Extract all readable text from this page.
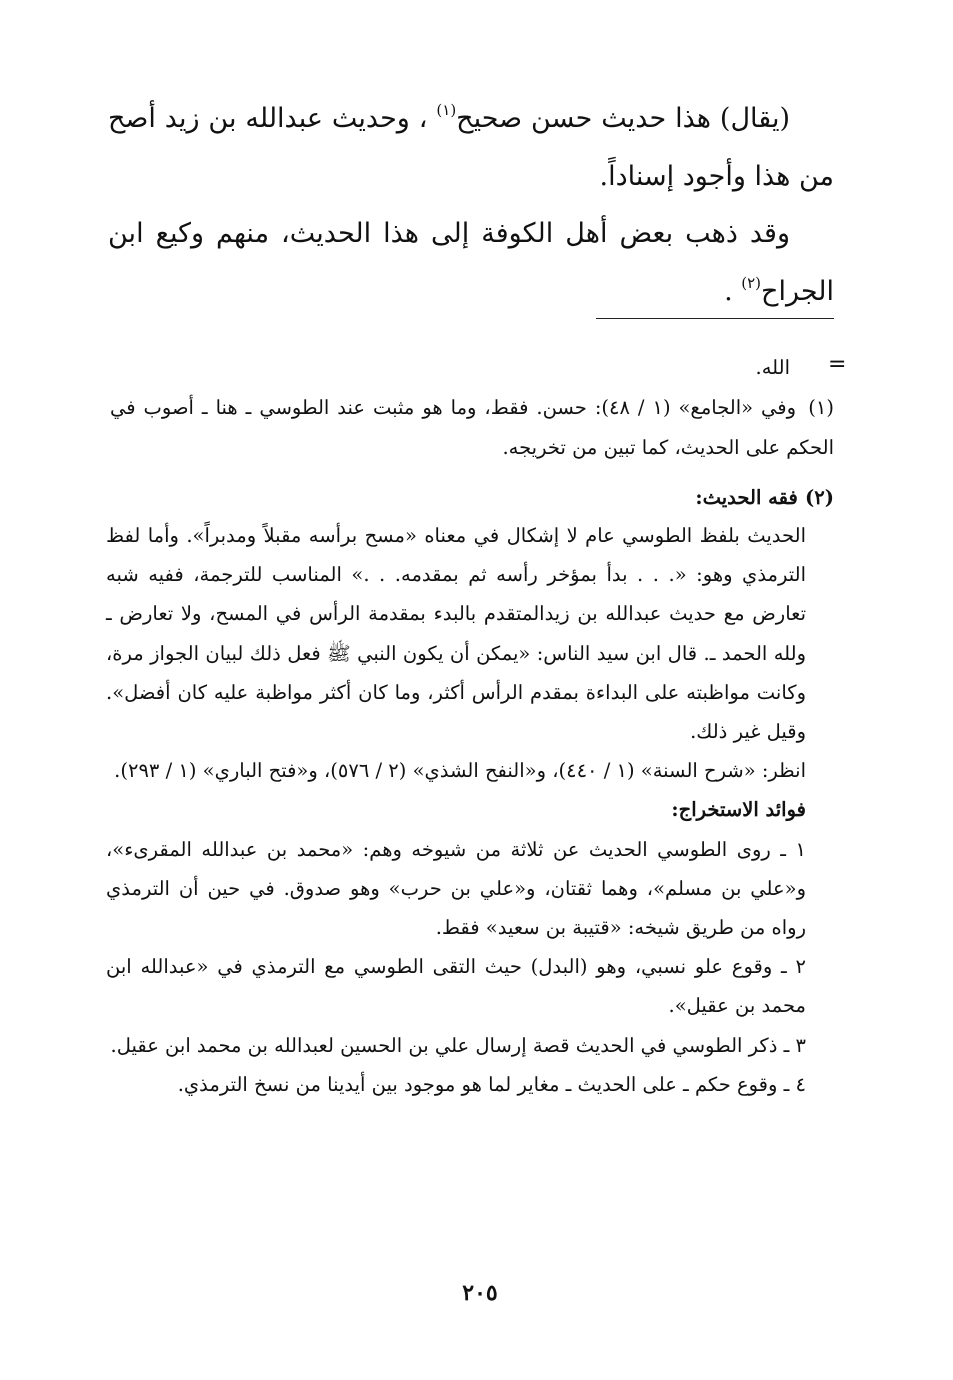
(يقال) هذا حديث حسن صحيح$^{(١)}$ ، وحديث عبدالله بن زيد أصح من هذا وأجود إسناداً.
وقد ذهب بعض أهل الكوفة إلى هذا الحديث، منهم وكيع ابن الجراح$^{(٢)}$ .
=
الله.
(١) وفي «الجامع» (١ / ٤٨): حسن. فقط، وما هو مثبت عند الطوسي ـ هنا ـ أصوب في الحكم على الحديث، كما تبين من تخريجه.
(٢) فقه الحديث:
الحديث بلفظ الطوسي عام لا إشكال في معناه «مسح برأسه مقبلاً ومدبراً». وأما لفظ الترمذي وهو: «. . . بدأ بمؤخر رأسه ثم بمقدمه. . .» المناسب للترجمة، ففيه شبه تعارض مع حديث عبدالله بن زيدالمتقدم بالبدء بمقدمة الرأس في المسح، ولا تعارض ـ ولله الحمد ـ. قال ابن سيد الناس: «يمكن أن يكون النبي ﷺ فعل ذلك لبيان الجواز مرة، وكانت مواظبته على البداءة بمقدم الرأس أكثر، وما كان أكثر مواظبة عليه كان أفضل». وقيل غير ذلك.
انظر: «شرح السنة» (١ / ٤٤٠)، و«النفح الشذي» (٢ / ٥٧٦)، و«فتح الباري» (١ / ٢٩٣).
فوائد الاستخراج:
١ ـ روى الطوسي الحديث عن ثلاثة من شيوخه وهم: «محمد بن عبدالله المقرىء»، و«علي بن مسلم»، وهما ثقتان، و«علي بن حرب» وهو صدوق. في حين أن الترمذي رواه من طريق شيخه: «قتيبة بن سعيد» فقط.
٢ ـ وقوع علو نسبي، وهو (البدل) حيث التقى الطوسي مع الترمذي في «عبدالله ابن محمد بن عقيل».
٣ ـ ذكر الطوسي في الحديث قصة إرسال علي بن الحسين لعبدالله بن محمد ابن عقيل.
٤ ـ وقوع حكم ـ على الحديث ـ مغاير لما هو موجود بين أيدينا من نسخ الترمذي.
٢٠٥
